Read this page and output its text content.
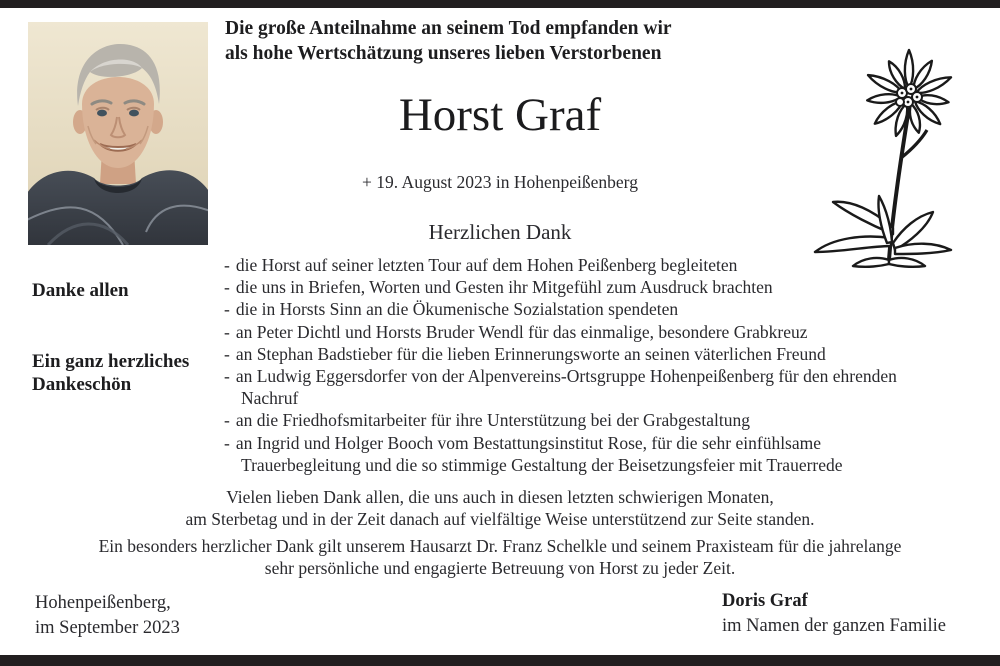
Die große Anteilnahme an seinem Tod empfanden wir
als hohe Wertschätzung unseres lieben Verstorbenen
Horst Graf
+ 19. August 2023 in Hohenpeißenberg
Herzlichen Dank
Danke allen
Ein ganz herzliches Dankeschön
- die Horst auf seiner letzten Tour auf dem Hohen Peißenberg begleiteten
- die uns in Briefen, Worten und Gesten ihr Mitgefühl zum Ausdruck brachten
- die in Horsts Sinn an die Ökumenische Sozialstation spendeten
- an Peter Dichtl und Horsts Bruder Wendl für das einmalige, besondere Grabkreuz
- an Stephan Badstieber für die lieben Erinnerungsworte an seinen väterlichen Freund
- an Ludwig Eggersdorfer von der Alpenvereins-Ortsgruppe Hohenpeißenberg für den ehrenden Nachruf
- an die Friedhofsmitarbeiter für ihre Unterstützung bei der Grabgestaltung
- an Ingrid und Holger Booch vom Bestattungsinstitut Rose, für die sehr einfühlsame Trauerbegleitung und die so stimmige Gestaltung der Beisetzungsfeier mit Trauerrede
Vielen lieben Dank allen, die uns auch in diesen letzten schwierigen Monaten,
am Sterbetag und in der Zeit danach auf vielfältige Weise unterstützend zur Seite standen.
Ein besonders herzlicher Dank gilt unserem Hausarzt Dr. Franz Schelkle und seinem Praxisteam für die jahrelange
sehr persönliche und engagierte Betreuung von Horst zu jeder Zeit.
Hohenpeißenberg,
im September 2023
Doris Graf
im Namen der ganzen Familie
